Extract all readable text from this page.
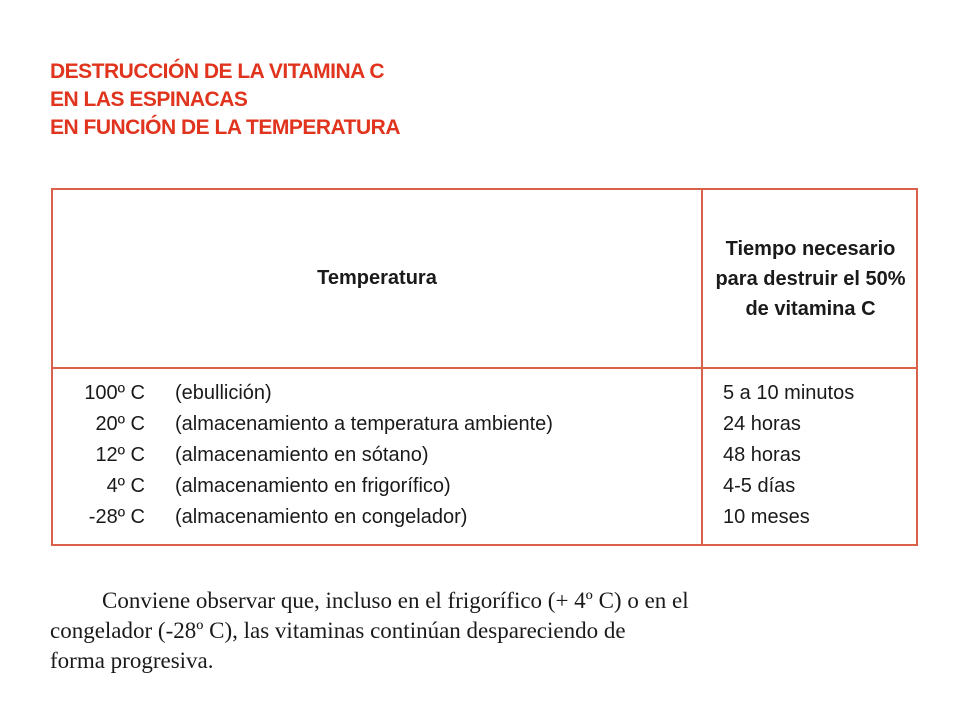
DESTRUCCIÓN DE LA VITAMINA C
EN LAS ESPINACAS
EN FUNCIÓN DE LA TEMPERATURA
Temperatura
Tiempo necesario
para destruir el 50%
de vitamina C
100º C (ebullición)	5 a 10 minutos
20º C (almacenamiento a temperatura ambiente)	24 horas
12º C (almacenamiento en sótano)	48 horas
4º C (almacenamiento en frigorífico)	4-5 días
-28º C (almacenamiento en congelador)	10 meses
Conviene observar que, incluso en el frigorífico (+ 4º C) o en el
congelador (-28º C), las vitaminas continúan despareciendo de
forma progresiva.
